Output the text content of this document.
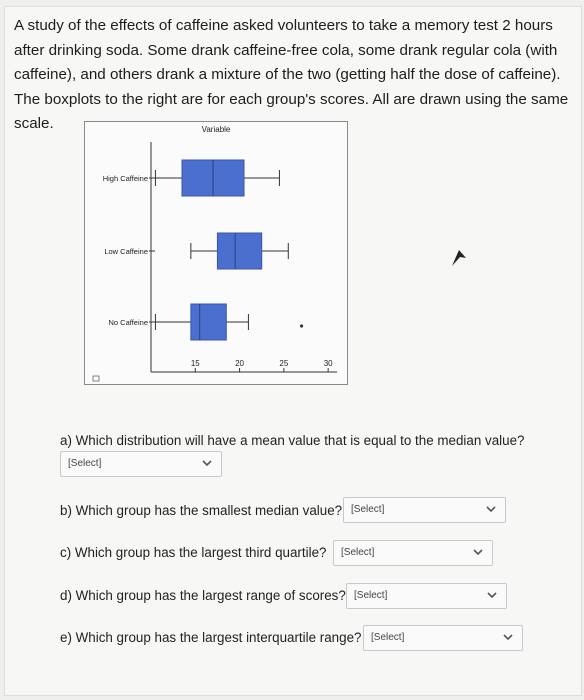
A study of the effects of caffeine asked volunteers to take a memory test 2 hours after drinking soda. Some drank caffeine-free cola, some drank regular cola (with caffeine), and others drank a mixture of the two (getting half the dose of caffeine). The boxplots to the right are for each group's scores. All are drawn using the same scale.	Variable
15	20	25	30
High Caffeine
Low Caffeine
No Caffeine
a) Which distribution will have a mean value that is equal to the median value?
[Select]
b) Which group has the smallest median value? [Select]
c) Which group has the largest third quartile? [Select]
d) Which group has the largest range of scores? [Select]
e) Which group has the largest interquartile range? [Select]
